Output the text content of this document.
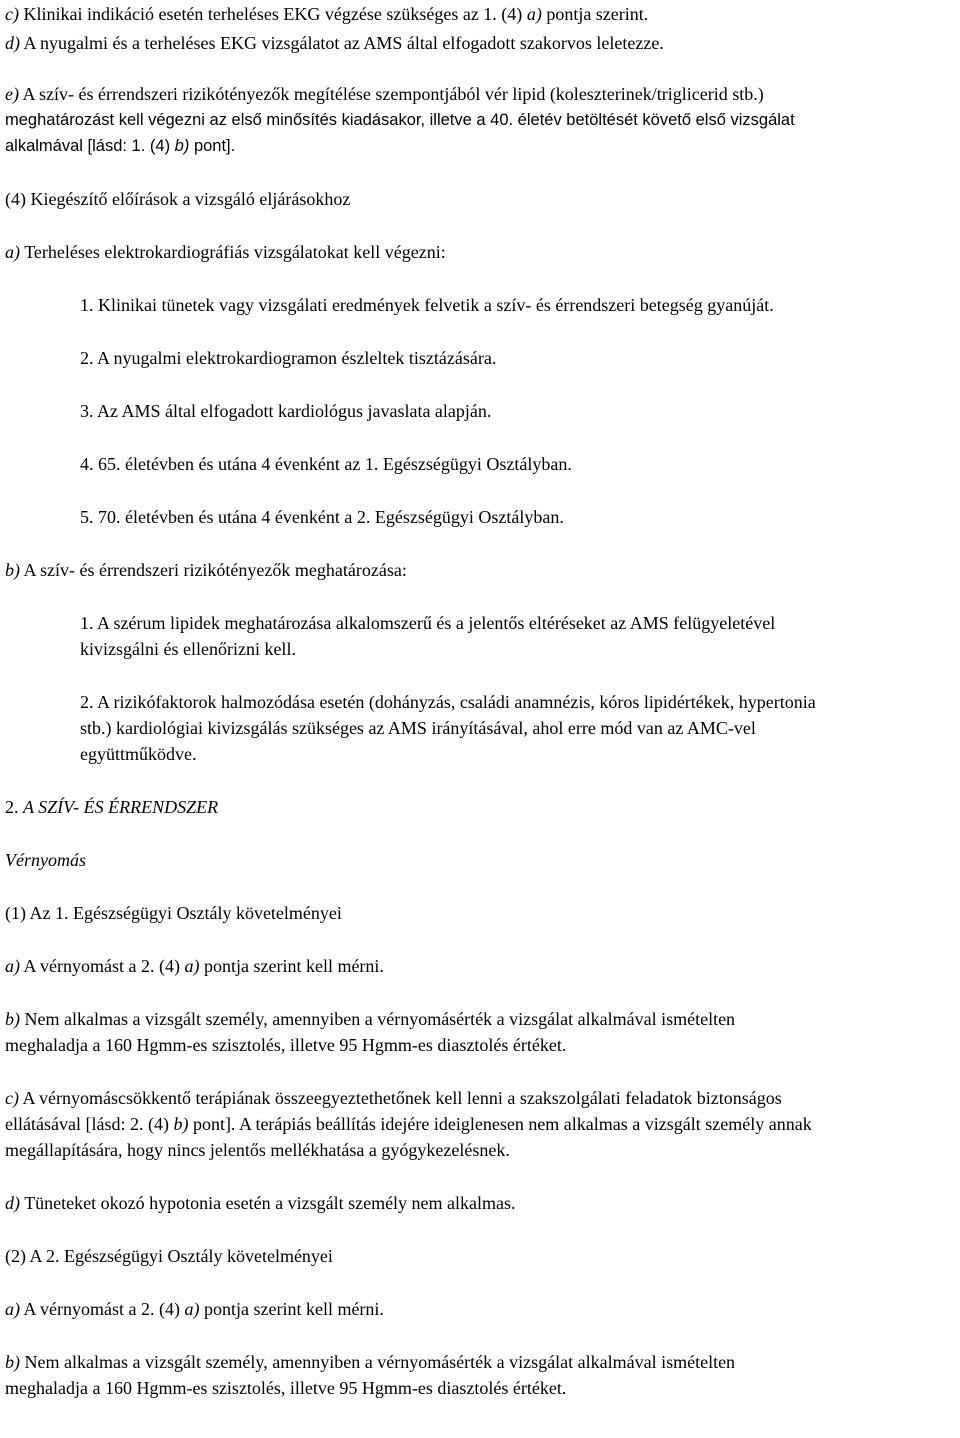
c) Klinikai indikáció esetén terheléses EKG végzése szükséges az 1. (4) a) pontja szerint.

d) A nyugalmi és a terheléses EKG vizsgálatot az AMS által elfogadott szakorvos leletezze.

e) A szív- és érrendszeri rizikótényezők megítélése szempontjából vér lipid (koleszterinek/triglicerid stb.)

meghatározást kell végezni az első minősítés kiadásakor, illetve a 40. életév betöltését követő első vizsgálat

alkalmával [lásd: 1. (4) b) pont].

(4) Kiegészítő előírások a vizsgáló eljárásokhoz

a) Terheléses elektrokardiográfiás vizsgálatokat kell végezni:

1. Klinikai tünetek vagy vizsgálati eredmények felvetik a szív- és érrendszeri betegség gyanúját.

2. A nyugalmi elektrokardiogramon észleltek tisztázására.

3. Az AMS által elfogadott kardiológus javaslata alapján.

4. 65. életévben és utána 4 évenként az 1. Egészségügyi Osztályban.

5. 70. életévben és utána 4 évenként a 2. Egészségügyi Osztályban.

b) A szív- és érrendszeri rizikótényezők meghatározása:

1. A szérum lipidek meghatározása alkalomszerű és a jelentős eltéréseket az AMS felügyeletével

kivizsgálni és ellenőrizni kell.

2. A rizikófaktorok halmozódása esetén (dohányzás, családi anamnézis, kóros lipidértékek, hypertonia

stb.) kardiológiai kivizsgálás szükséges az AMS irányításával, ahol erre mód van az AMC-vel

együttműködve.

2. A SZÍV- ÉS ÉRRENDSZER

Vérnyomás

(1) Az 1. Egészségügyi Osztály követelményei

a) A vérnyomást a 2. (4) a) pontja szerint kell mérni.

b) Nem alkalmas a vizsgált személy, amennyiben a vérnyomásérték a vizsgálat alkalmával ismételten

meghaladja a 160 Hgmm-es szisztolés, illetve 95 Hgmm-es diasztolés értéket.

c) A vérnyomáscsökkentő terápiának összeegyeztethetőnek kell lenni a szakszolgálati feladatok biztonságos

ellátásával [lásd: 2. (4) b) pont]. A terápiás beállítás idejére ideiglenesen nem alkalmas a vizsgált személy annak

megállapítására, hogy nincs jelentős mellékhatása a gyógykezelésnek.

d) Tüneteket okozó hypotonia esetén a vizsgált személy nem alkalmas.

(2) A 2. Egészségügyi Osztály követelményei

a) A vérnyomást a 2. (4) a) pontja szerint kell mérni.

b) Nem alkalmas a vizsgált személy, amennyiben a vérnyomásérték a vizsgálat alkalmával ismételten

meghaladja a 160 Hgmm-es szisztolés, illetve 95 Hgmm-es diasztolés értéket.
